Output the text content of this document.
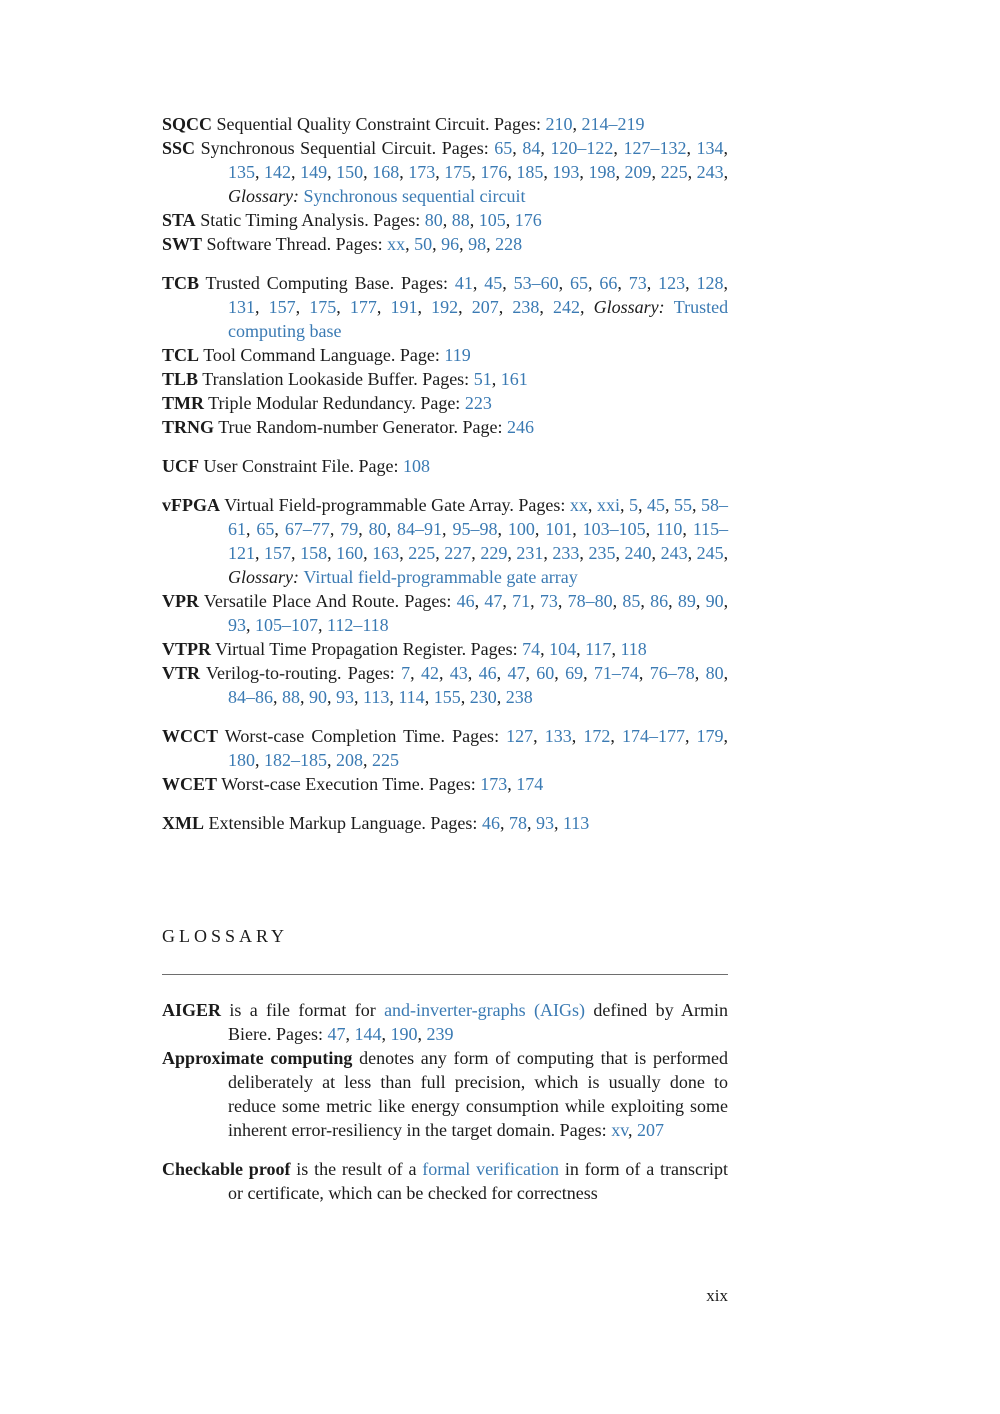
SQCC Sequential Quality Constraint Circuit. Pages: 210, 214–219

SSC Synchronous Sequential Circuit. Pages: 65, 84, 120–122, 127–132, 134, 135, 142, 149, 150, 168, 173, 175, 176, 185, 193, 198, 209, 225, 243, Glossary: Synchronous sequential circuit

STA Static Timing Analysis. Pages: 80, 88, 105, 176

SWT Software Thread. Pages: xx, 50, 96, 98, 228

TCB Trusted Computing Base. Pages: 41, 45, 53–60, 65, 66, 73, 123, 128, 131, 157, 175, 177, 191, 192, 207, 238, 242, Glossary: Trusted computing base

TCL Tool Command Language. Page: 119

TLB Translation Lookaside Buffer. Pages: 51, 161

TMR Triple Modular Redundancy. Page: 223

TRNG True Random-number Generator. Page: 246

UCF User Constraint File. Page: 108

vFPGA Virtual Field-programmable Gate Array. Pages: xx, xxi, 5, 45, 55, 58–61, 65, 67–77, 79, 80, 84–91, 95–98, 100, 101, 103–105, 110, 115–121, 157, 158, 160, 163, 225, 227, 229, 231, 233, 235, 240, 243, 245, Glossary: Virtual field-programmable gate array

VPR Versatile Place And Route. Pages: 46, 47, 71, 73, 78–80, 85, 86, 89, 90, 93, 105–107, 112–118

VTPR Virtual Time Propagation Register. Pages: 74, 104, 117, 118

VTR Verilog-to-routing. Pages: 7, 42, 43, 46, 47, 60, 69, 71–74, 76–78, 80, 84–86, 88, 90, 93, 113, 114, 155, 230, 238

WCCT Worst-case Completion Time. Pages: 127, 133, 172, 174–177, 179, 180, 182–185, 208, 225

WCET Worst-case Execution Time. Pages: 173, 174

XML Extensible Markup Language. Pages: 46, 78, 93, 113

GLOSSARY

AIGER is a file format for and-inverter-graphs (AIGs) defined by Armin Biere. Pages: 47, 144, 190, 239

Approximate computing denotes any form of computing that is performed deliberately at less than full precision, which is usually done to reduce some metric like energy consumption while exploiting some inherent error-resiliency in the target domain. Pages: xv, 207

Checkable proof is the result of a formal verification in form of a transcript or certificate, which can be checked for correctness

xix
